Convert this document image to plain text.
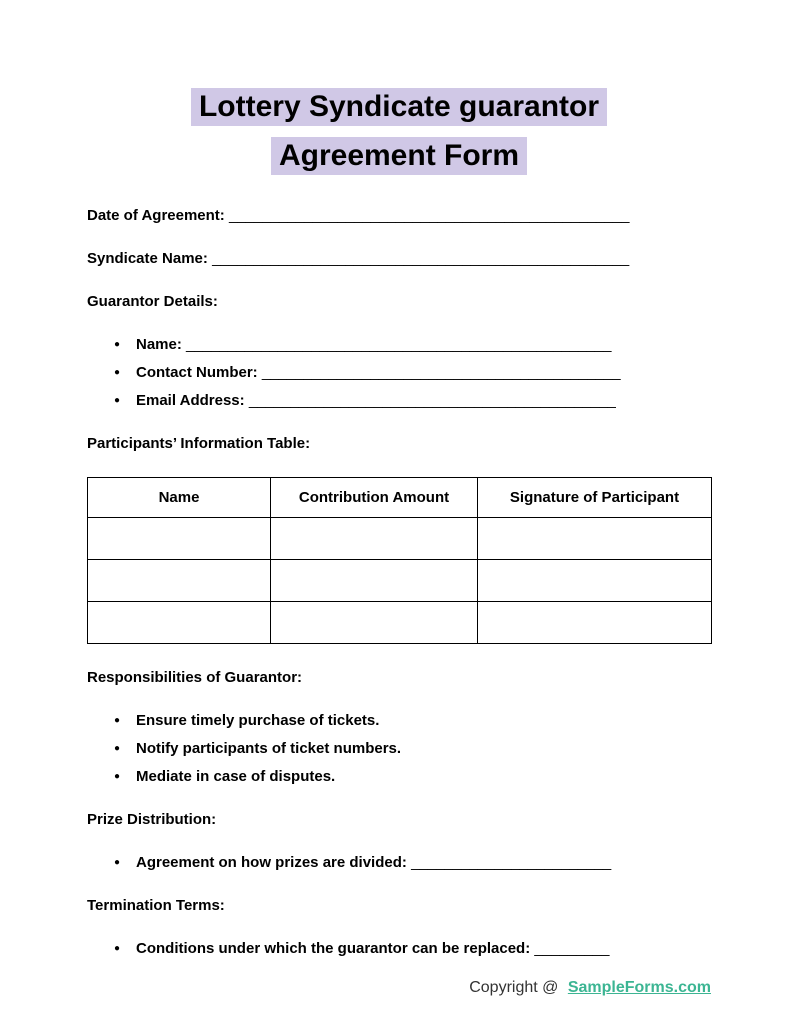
Lottery Syndicate guarantor
Agreement Form

Date of Agreement: ________________________________________________

Syndicate Name: __________________________________________________

Guarantor Details:

● Name: ___________________________________________________
● Contact Number: ___________________________________________
● Email Address: ____________________________________________

Participants’ Information Table:

Name	Contribution Amount	Signature of Participant

Responsibilities of Guarantor:

● Ensure timely purchase of tickets.
● Notify participants of ticket numbers.
● Mediate in case of disputes.

Prize Distribution:

● Agreement on how prizes are divided: ________________________

Termination Terms:

● Conditions under which the guarantor can be replaced: _________

Copyright @ SampleForms.com
